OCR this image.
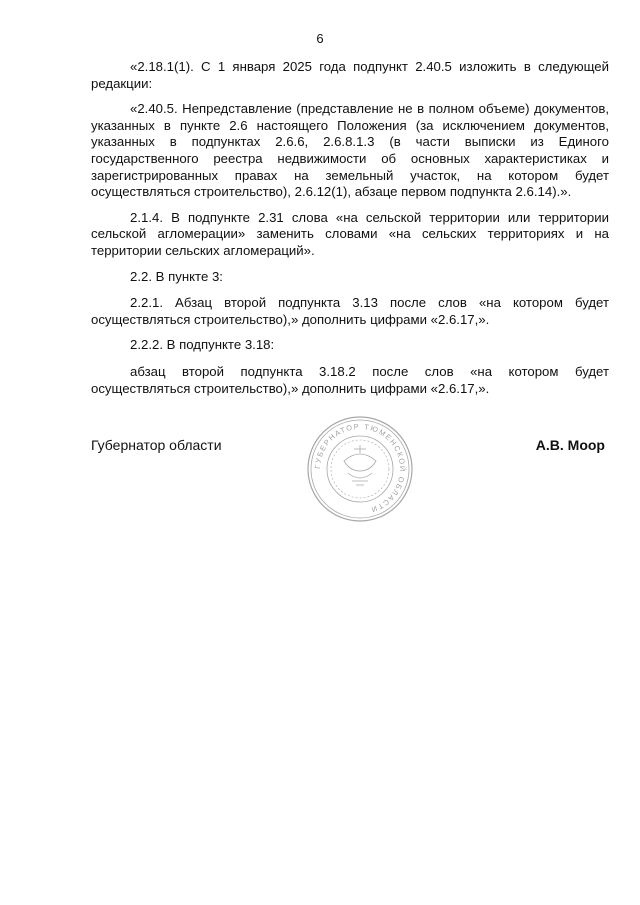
6

«2.18.1(1). С 1 января 2025 года подпункт 2.40.5 изложить в следующей редакции:

«2.40.5. Непредставление (представление не в полном объеме) документов, указанных в пункте 2.6 настоящего Положения (за исключением документов, указанных в подпунктах 2.6.6, 2.6.8.1.3 (в части выписки из Единого государственного реестра недвижимости об основных характеристиках и зарегистрированных правах на земельный участок, на котором будет осуществляться строительство), 2.6.12(1), абзаце первом подпункта 2.6.14).».

2.1.4. В подпункте 2.31 слова «на сельской территории или территории сельской агломерации» заменить словами «на сельских территориях и на территории сельских агломераций».

2.2. В пункте 3:

2.2.1. Абзац второй подпункта 3.13 после слов «на котором будет осуществляться строительство),» дополнить цифрами «2.6.17,».

2.2.2. В подпункте 3.18:

абзац второй подпункта 3.18.2 после слов «на котором будет осуществляться строительство),» дополнить цифрами «2.6.17,».

Губернатор области	А.В. Моор
ГУБЕРНАТОР ТЮМЕНСКОЙ ОБЛАСТИ
